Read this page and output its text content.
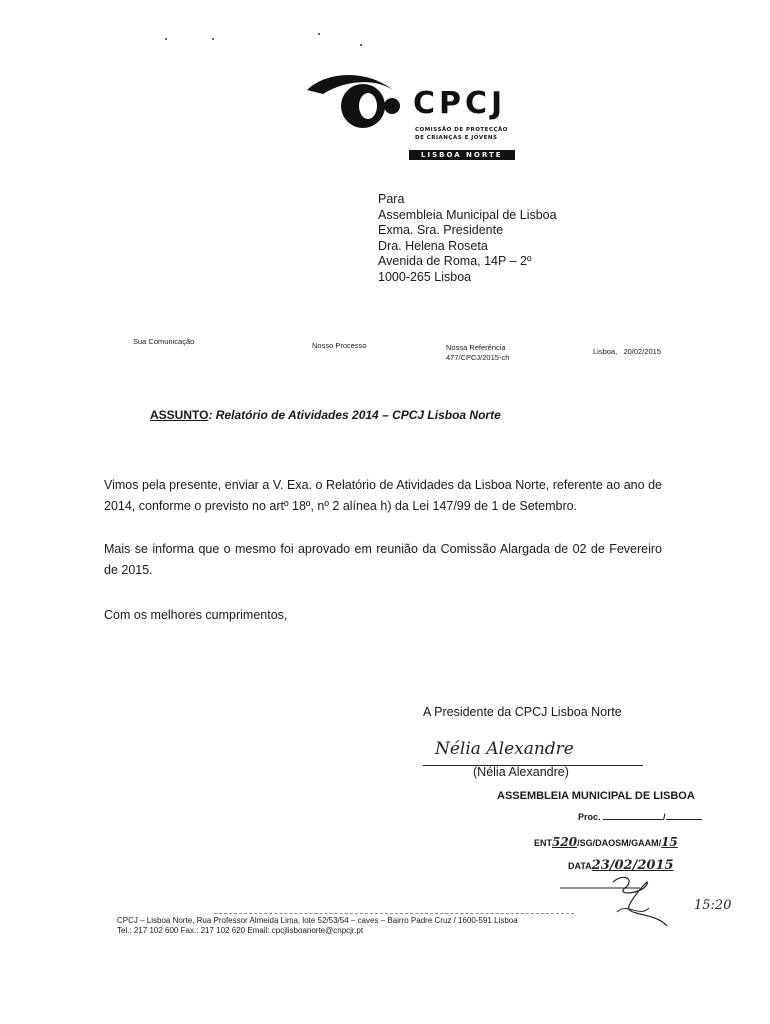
CPCJ
COMISSÃO DE PROTECÇÃO
DE CRIANÇAS E JOVENS
LISBOA NORTE
Para
Assembleia Municipal de Lisboa
Exma. Sra. Presidente
Dra. Helena Roseta
Avenida de Roma, 14P – 2º
1000-265 Lisboa
Sua Comunicação	Nosso Processo	Nossa Referência
477/CPCJ/2015-ch
Lisboa, 20/02/2015
ASSUNTO: Relatório de Atividades 2014 – CPCJ Lisboa Norte
Vimos pela presente, enviar a V. Exa. o Relatório de Atividades da Lisboa Norte, referente ao ano de 2014, conforme o previsto no artº 18º, nº 2 alínea h) da Lei 147/99 de 1 de Setembro.
Mais se informa que o mesmo foi aprovado em reunião da Comissão Alargada de 02 de Fevereiro de 2015.
Com os melhores cumprimentos,
A Presidente da CPCJ Lisboa Norte
Nélia Alexandre
(Nélia Alexandre)
ASSEMBLEIA MUNICIPAL DE LISBOA
Proc.	/
ENT520/SG/DAOSM/GAAM/15
DATA23/02/2015
15:20
CPCJ – Lisboa Norte, Rua Professor Almeida Lima, lote 52/53/54 – caves – Bairro Padre Cruz / 1600-591 Lisboa
Tel.: 217 102 600 Fax.: 217 102 620 Email: cpcjlisboanorte@cnpcjr.pt
